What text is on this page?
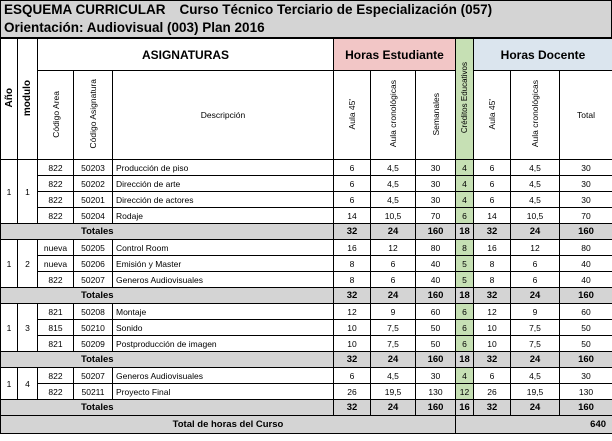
ESQUEMA CURRICULAR Curso Técnico Terciario de Especialización (057)
Orientación: Audiovisual (003) Plan 2016
Año	modulo	ASIGNATURAS			Horas Estudiante			Créditos Educativos	Horas Docente		
		Código Area	Código Asignatura	Descripción	Aula 45'	Aula cronológicas	Semanales		Aula 45'	Aula cronológicas	Total
1	1	822	50203	Producción de piso	6	4,5	30	4	6	4,5	30
		822	50202	Dirección de arte	6	4,5	30	4	6	4,5	30
		822	50201	Dirección de actores	6	4,5	30	4	6	4,5	30
		822	50204	Rodaje	14	10,5	70	6	14	10,5	70
Totales					32	24	160	18	32	24	160
1	2	nueva	50205	Control Room	16	12	80	8	16	12	80
		nueva	50206	Emisión y Master	8	6	40	5	8	6	40
		822	50207	Generos Audiovisuales	8	6	40	5	8	6	40
Totales					32	24	160	18	32	24	160
1	3	821	50208	Montaje	12	9	60	6	12	9	60
		815	50210	Sonido	10	7,5	50	6	10	7,5	50
		821	50209	Postproducción de imagen	10	7,5	50	6	10	7,5	50
Totales					32	24	160	18	32	24	160
1	4	822	50207	Generos Audiovisuales	6	4,5	30	4	6	4,5	30
		822	50211	Proyecto Final	26	19,5	130	12	26	19,5	130
Totales					32	24	160	16	32	24	160
Total de horas del Curso								640			
